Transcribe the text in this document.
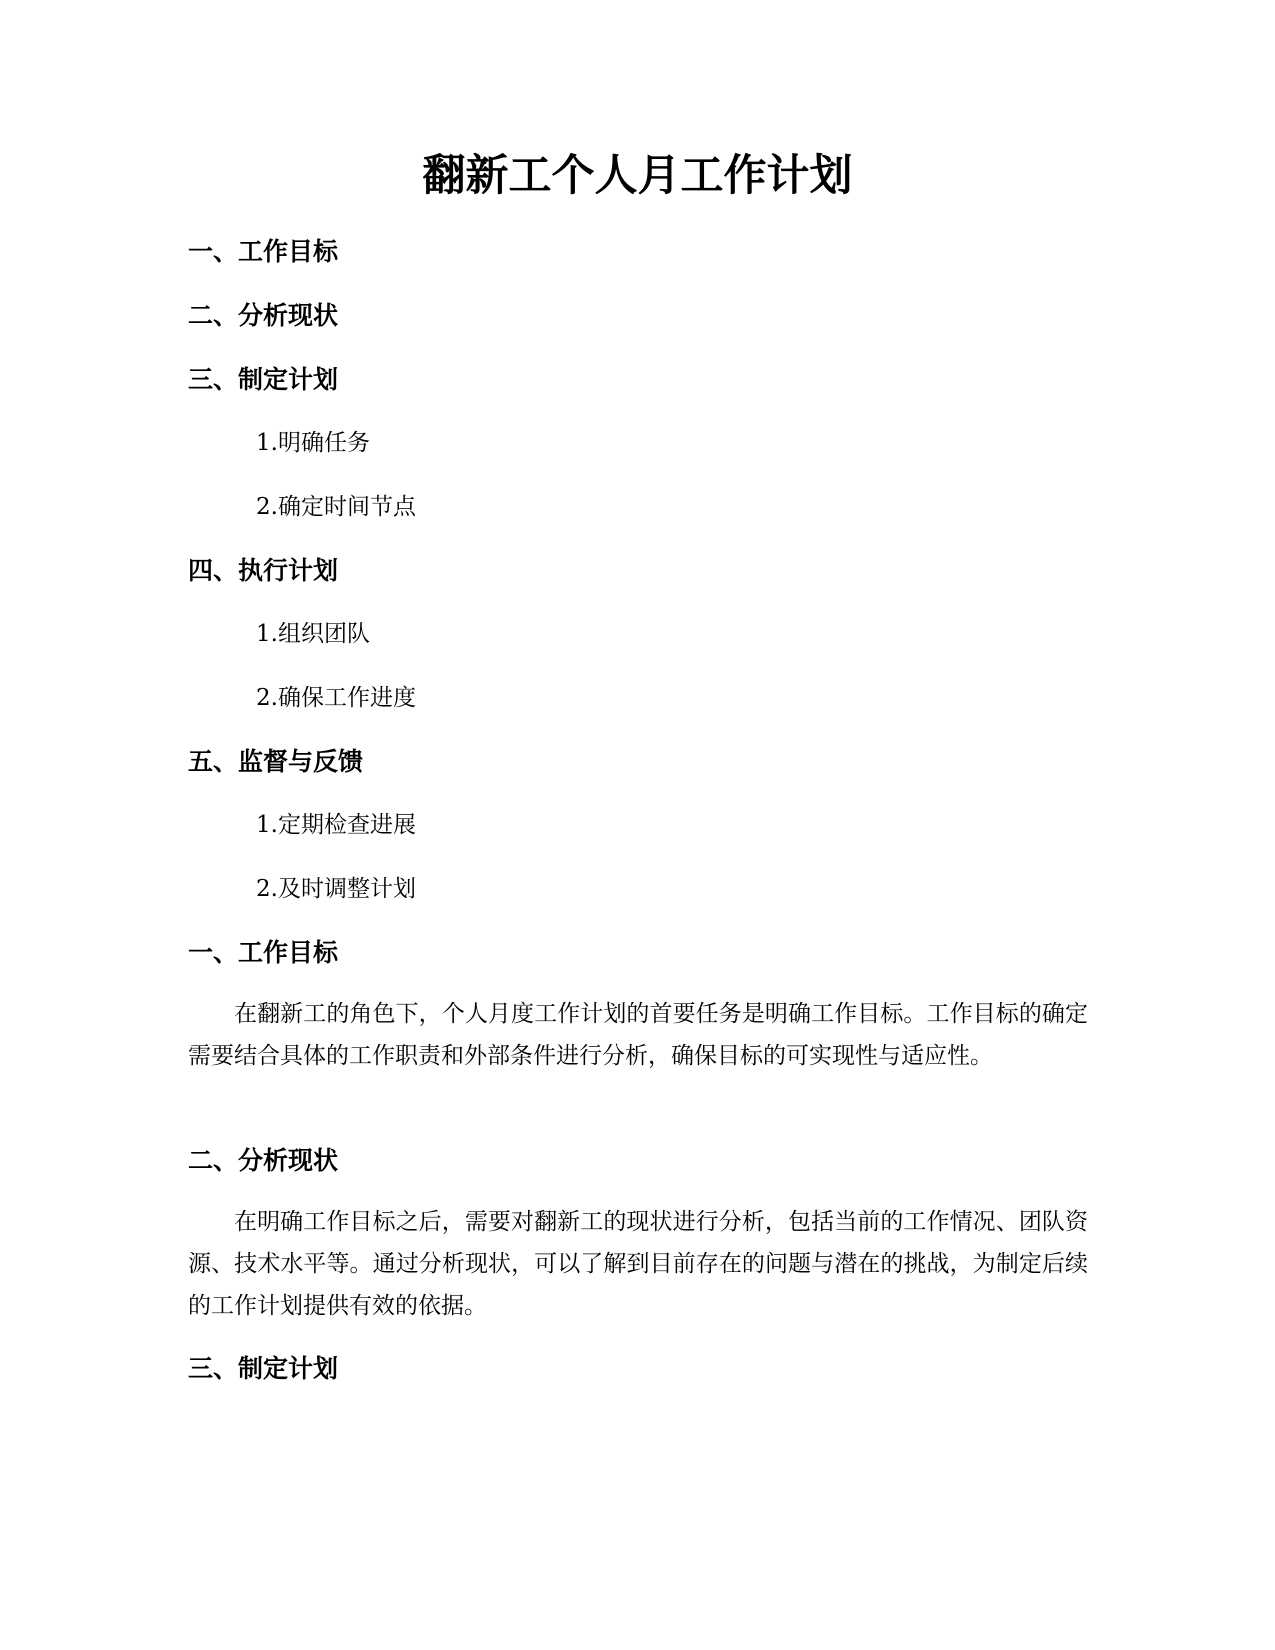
翻新工个人月工作计划
一、工作目标
二、分析现状
三、制定计划

1.明确任务

2.确定时间节点

四、执行计划

1.组织团队

2.确保工作进度

五、监督与反馈

1.定期检查进展

2.及时调整计划

一、工作目标

在翻新工的角色下，个人月度工作计划的首要任务是明确工作目标。工作目标的确定需要结合具体的工作职责和外部条件进行分析，确保目标的可实现性与适应性。

二、分析现状

在明确工作目标之后，需要对翻新工的现状进行分析，包括当前的工作情况、团队资源、技术水平等。通过分析现状，可以了解到目前存在的问题与潜在的挑战，为制定后续的工作计划提供有效的依据。

三、制定计划
